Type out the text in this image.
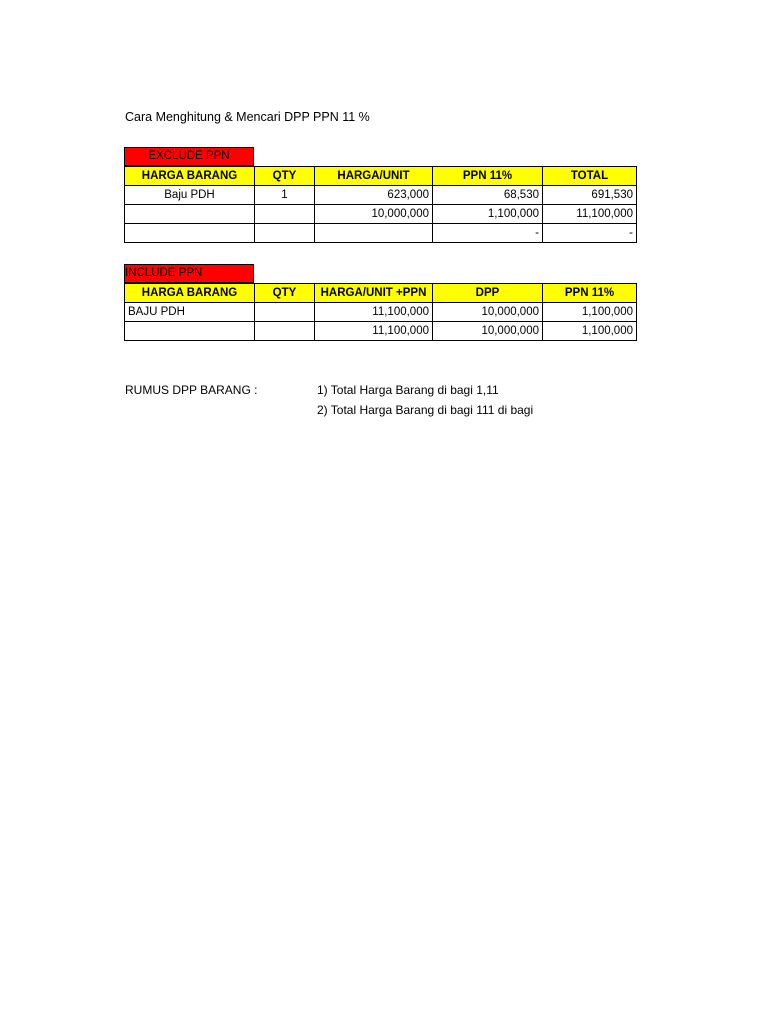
Cara Menghitung & Mencari DPP PPN 11 %
EXCLUDE PPN
HARGA BARANG	QTY	HARGA/UNIT	PPN 11%	TOTAL
Baju PDH	1	623,000	68,530	691,530
		10,000,000	1,100,000	11,100,000
			-	-
INCLUDE PPN
HARGA BARANG	QTY	HARGA/UNIT +PPN	DPP	PPN 11%
BAJU PDH		11,100,000	10,000,000	1,100,000
		11,100,000	10,000,000	1,100,000
RUMUS DPP BARANG :	1) Total Harga Barang di bagi 1,11
2) Total Harga Barang di bagi 111 di bagi
